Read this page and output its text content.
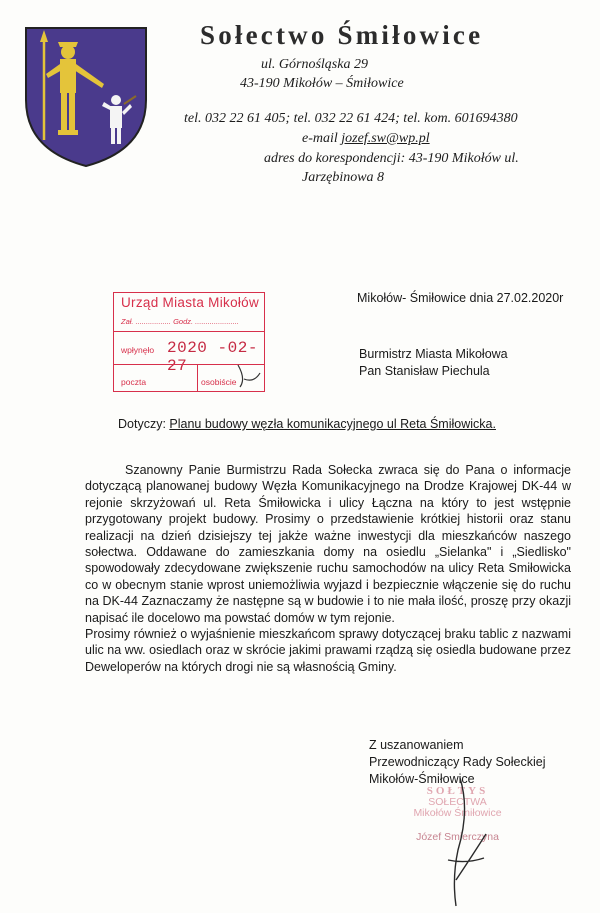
Sołectwo Śmiłowice
ul. Górnośląska 29
43-190 Mikołów – Śmiłowice
tel. 032 22 61 405; tel. 032 22 61 424; tel. kom. 601694380
e-mail jozef.sw@wp.pl
adres do korespondencji: 43-190 Mikołów ul.
Jarzębinowa 8
Urząd Miasta Mikołów
Zał. ................. Godz. .....................
wpłynęło 2020 -02- 27
poczta	osobiście
Mikołów- Śmiłowice dnia 27.02.2020r
Burmistrz Miasta Mikołowa
Pan Stanisław Piechula
Dotyczy: Planu budowy węzła komunikacyjnego ul Reta Śmiłowicka.

Szanowny Panie Burmistrzu Rada Sołecka zwraca się do Pana o informacje dotyczącą planowanej budowy Węzła Komunikacyjnego na Drodze Krajowej DK-44 w rejonie skrzyżowań ul. Reta Śmiłowicka i ulicy Łączna na który to jest wstępnie przygotowany projekt budowy. Prosimy o przedstawienie krótkiej historii oraz stanu realizacji na dzień dzisiejszy tej jakże ważne inwestycji dla mieszkańców naszego sołectwa. Oddawane do zamieszkania domy na osiedlu „Sielanka" i „Siedlisko" spowodowały zdecydowane zwiększenie ruchu samochodów na ulicy Reta Smiłowicka co w obecnym stanie wprost uniemożliwia wyjazd i bezpiecznie włączenie się do ruchu na DK-44 Zaznaczamy że następne są w budowie i to nie mała ilość, proszę przy okazji napisać ile docelowo ma powstać domów w tym rejonie.

Prosimy również o wyjaśnienie mieszkańcom sprawy dotyczącej braku tablic z nazwami ulic na ww. osiedlach oraz w skrócie jakimi prawami rządzą się osiedla budowane przez Deweloperów na których drogi nie są własnością Gminy.

Z uszanowaniem
Przewodniczący Rady Sołeckiej
Mikołów-Śmiłowice
SOŁTYS
SOŁECTWA
Mikołów Śmiłowice
Józef Smierczyna
